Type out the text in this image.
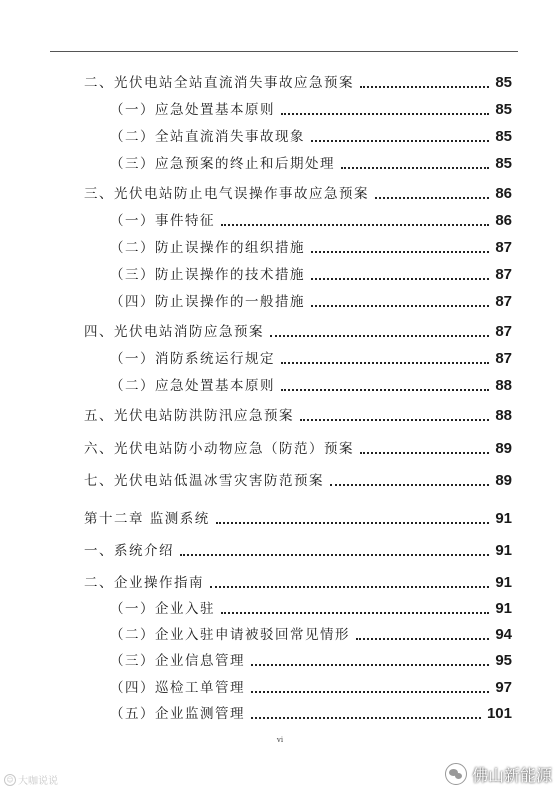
二、光伏电站全站直流消失事故应急预案	85
（一）应急处置基本原则	85
（二）全站直流消失事故现象	85
（三）应急预案的终止和后期处理	85
三、光伏电站防止电气误操作事故应急预案	86
（一）事件特征	86
（二）防止误操作的组织措施	87
（三）防止误操作的技术措施	87
（四）防止误操作的一般措施	87
四、光伏电站消防应急预案	87
（一）消防系统运行规定	87
（二）应急处置基本原则	88
五、光伏电站防洪防汛应急预案	88
六、光伏电站防小动物应急（防范）预案	89
七、光伏电站低温冰雪灾害防范预案	89
第十二章 监测系统	91
一、系统介绍	91
二、企业操作指南	91
（一）企业入驻	91
（二）企业入驻申请被驳回常见情形	94
（三）企业信息管理	95
（四）巡检工单管理	97
（五）企业监测管理	101
vi
☺ 大咖说说	佛山新能源
